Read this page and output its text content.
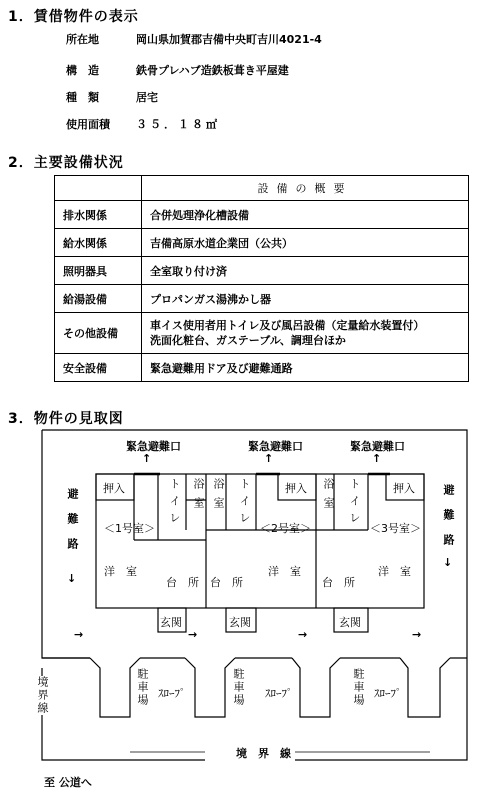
1．賃借物件の表示
所在地	岡山県加賀郡吉備中央町吉川4021-4
構　造	鉄骨プレハブ造鉄板葺き平屋建
種　類	居宅
使用面積 ３５．１８㎡
2．主要設備状況
	設備の概要
排水関係	合併処理浄化槽設備
給水関係	吉備高原水道企業団（公共）
照明器具	全室取り付け済
給湯設備	プロパンガス湯沸かし器
その他設備	車イス使用者用トイレ及び風呂設備（定量給水装置付）
洗面化粧台、ガステーブル、調理台ほか

安全設備	緊急避難用ドア及び避難通路
3．物件の見取図
緊急避難口
↑
緊急避難口
↑
緊急避難口
↑
避難路
↓
避難路
↓
押入	トイレ 浴室
＜1号室＞
洋　室
台　所
玄関
浴室 トイレ	押入
＜2号室＞
台　所
洋　室
玄関
浴室 トイレ	押入
＜3号室＞
台　所
洋　室
玄関
→	→	→	→
駐車場 ｽﾛｰﾌﾟ	駐車場 ｽﾛｰﾌﾟ	駐車場 ｽﾛｰﾌﾟ
境界線
境　界　線
至 公道へ
